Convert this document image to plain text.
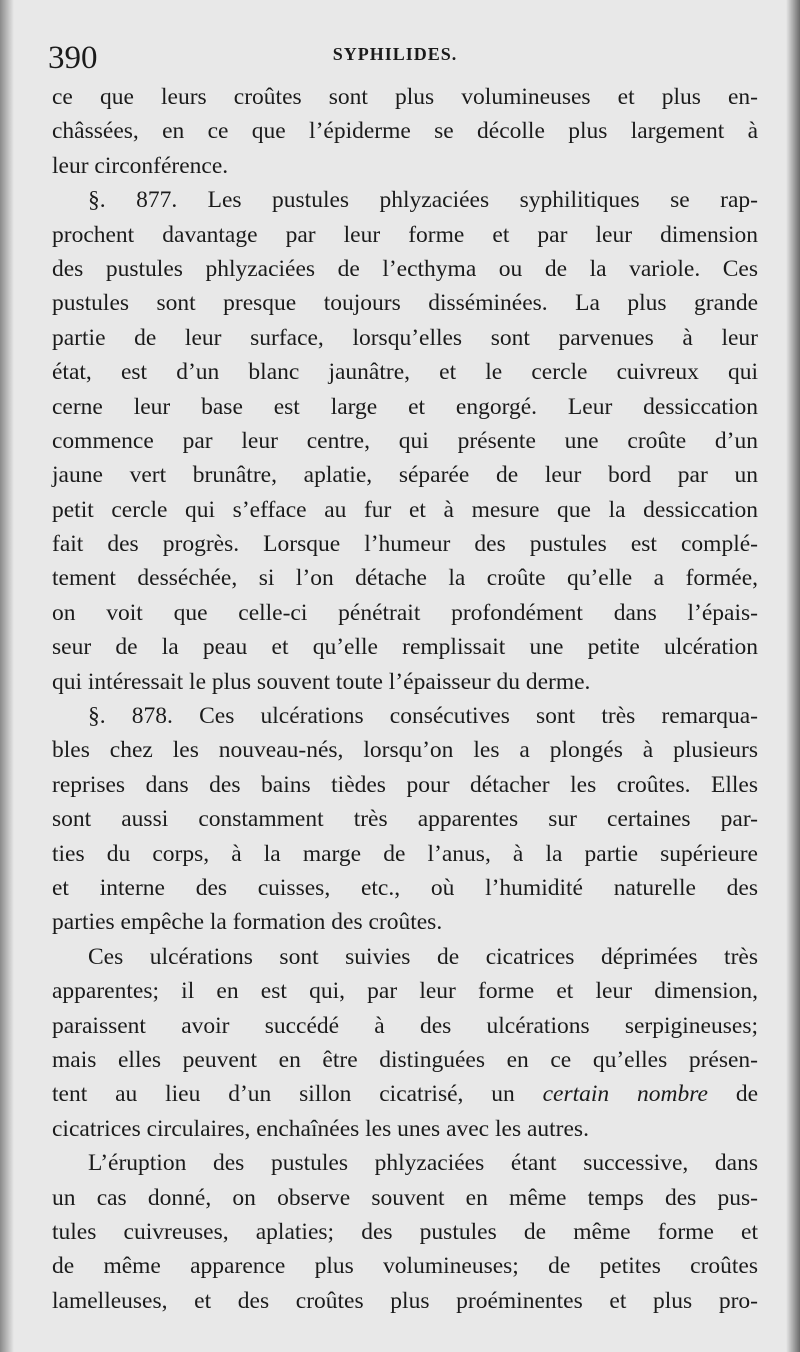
390	SYPHILIDES.
ce que leurs croûtes sont plus volumineuses et plus en-
châssées, en ce que l’épiderme se décolle plus largement à
leur circonférence.
§. 877. Les pustules phlyzaciées syphilitiques se rap-
prochent davantage par leur forme et par leur dimension
des pustules phlyzaciées de l’ecthyma ou de la variole. Ces
pustules sont presque toujours disséminées. La plus grande
partie de leur surface, lorsqu’elles sont parvenues à leur
état, est d’un blanc jaunâtre, et le cercle cuivreux qui
cerne leur base est large et engorgé. Leur dessiccation
commence par leur centre, qui présente une croûte d’un
jaune vert brunâtre, aplatie, séparée de leur bord par un
petit cercle qui s’efface au fur et à mesure que la dessiccation
fait des progrès. Lorsque l’humeur des pustules est complé-
tement desséchée, si l’on détache la croûte qu’elle a formée,
on voit que celle-ci pénétrait profondément dans l’épais-
seur de la peau et qu’elle remplissait une petite ulcération
qui intéressait le plus souvent toute l’épaisseur du derme.
§. 878. Ces ulcérations consécutives sont très remarqua-
bles chez les nouveau-nés, lorsqu’on les a plongés à plusieurs
reprises dans des bains tièdes pour détacher les croûtes. Elles
sont aussi constamment très apparentes sur certaines par-
ties du corps, à la marge de l’anus, à la partie supérieure
et interne des cuisses, etc., où l’humidité naturelle des
parties empêche la formation des croûtes.
Ces ulcérations sont suivies de cicatrices déprimées très
apparentes; il en est qui, par leur forme et leur dimension,
paraissent avoir succédé à des ulcérations serpigineuses;
mais elles peuvent en être distinguées en ce qu’elles présen-
tent au lieu d’un sillon cicatrisé, un certain nombre de
cicatrices circulaires, enchaînées les unes avec les autres.
L’éruption des pustules phlyzaciées étant successive, dans
un cas donné, on observe souvent en même temps des pus-
tules cuivreuses, aplaties; des pustules de même forme et
de même apparence plus volumineuses; de petites croûtes
lamelleuses, et des croûtes plus proéminentes et plus pro-
